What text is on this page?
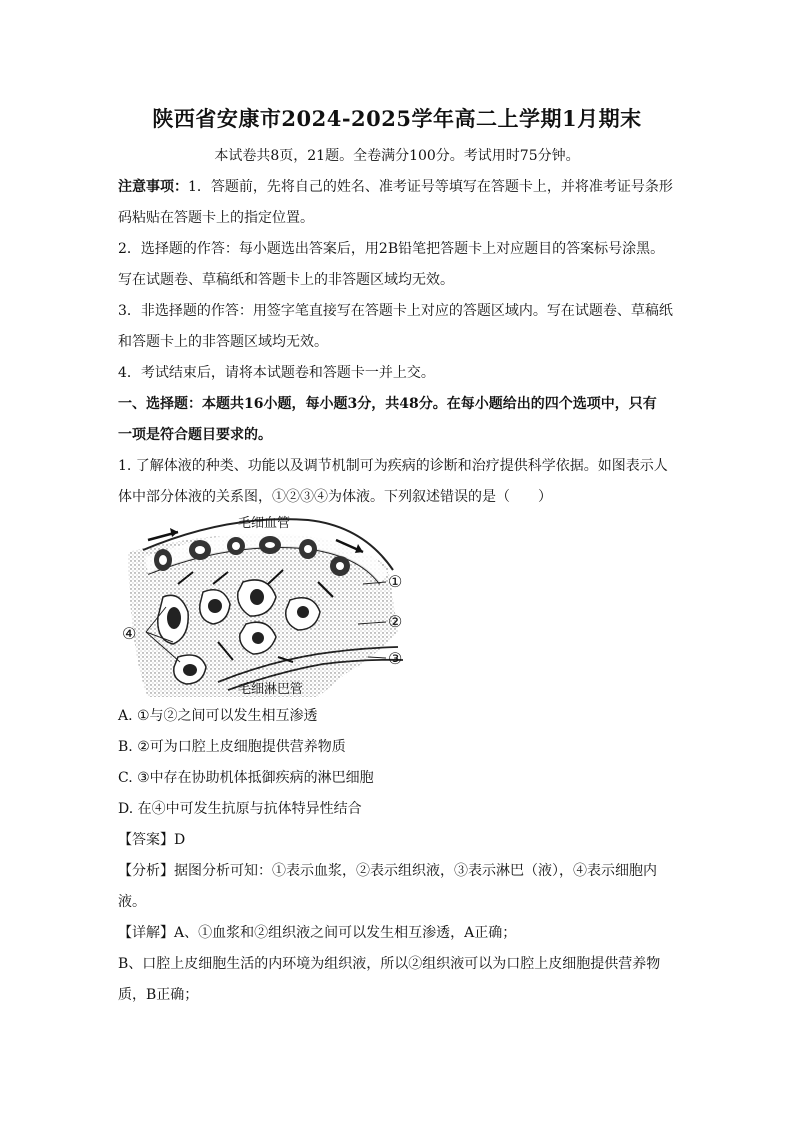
陕西省安康市2024-2025学年高二上学期1月期末
本试卷共8页，21题。全卷满分100分。考试用时75分钟。
注意事项：1．答题前，先将自己的姓名、准考证号等填写在答题卡上，并将准考证号条形
码粘贴在答题卡上的指定位置。
2．选择题的作答：每小题选出答案后，用2B铅笔把答题卡上对应题目的答案标号涂黑。
写在试题卷、草稿纸和答题卡上的非答题区域均无效。
3．非选择题的作答：用签字笔直接写在答题卡上对应的答题区域内。写在试题卷、草稿纸
和答题卡上的非答题区域均无效。
4．考试结束后，请将本试题卷和答题卡一并上交。
一、选择题：本题共16小题，每小题3分，共48分。在每小题给出的四个选项中，只有
一项是符合题目要求的。
1. 了解体液的种类、功能以及调节机制可为疾病的诊断和治疗提供科学依据。如图表示人
体中部分体液的关系图，①②③④为体液。下列叙述错误的是（　　）
毛细血管
毛细淋巴管
①
②
③
④
A. ①与②之间可以发生相互渗透
B. ②可为口腔上皮细胞提供营养物质
C. ③中存在协助机体抵御疾病的淋巴细胞
D. 在④中可发生抗原与抗体特异性结合
【答案】D
【分析】据图分析可知：①表示血浆，②表示组织液，③表示淋巴（液），④表示细胞内
液。
【详解】A、①血浆和②组织液之间可以发生相互渗透，A正确；
B、口腔上皮细胞生活的内环境为组织液，所以②组织液可以为口腔上皮细胞提供营养物
质，B正确；
